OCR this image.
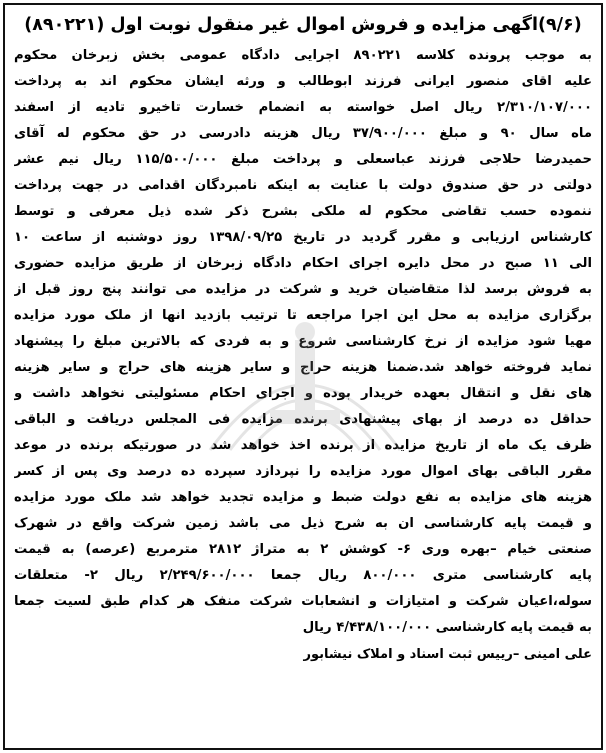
(۹/۶)اگهی مزایده و فروش اموال غیر منقول نوبت اول (۸۹۰۲۲۱)
به موجب پرونده کلاسه ۸۹۰۲۲۱ اجرایی دادگاه عمومی بخش زبرخان محکوم
علیه اقای منصور ایرانی فرزند ابوطالب و ورثه ایشان محکوم اند به پرداخت
۲/۳۱۰/۱۰۷/۰۰۰ ریال اصل خواسته به انضمام خسارت تاخیرو تادیه از اسفند
ماه سال ۹۰ و مبلغ ۳۷/۹۰۰/۰۰۰ ریال هزینه دادرسی در حق محکوم له آقای
حمیدرضا حلاجی فرزند عباسعلی و پرداخت مبلغ ۱۱۵/۵۰۰/۰۰۰ ریال نیم عشر
دولتی در حق صندوق دولت با عنایت به اینکه نامبردگان اقدامی در جهت پرداخت
ننموده حسب تقاضی محکوم له ملکی بشرح ذکر شده ذیل معرفی و توسط
کارشناس ارزیابی و مقرر گردید در تاریخ ۱۳۹۸/۰۹/۲۵ روز دوشنبه از ساعت ۱۰
الی ۱۱ صبح در محل دایره اجرای احکام دادگاه زبرخان از طریق مزایده حضوری
به فروش برسد لذا متقاضیان خرید و شرکت در مزایده می توانند پنج روز قبل از
برگزاری مزایده به محل این اجرا مراجعه تا ترتیب بازدید انها از ملک مورد مزایده
مهیا شود مزایده از نرخ کارشناسی شروع و به فردی که بالاترین مبلغ را پیشنهاد
نماید فروخته خواهد شد.ضمنا هزینه حراج و سایر هزینه های حراج و سایر هزینه
های نقل و انتقال بعهده خریدار بوده و اجرای احکام مسئولیتی نخواهد داشت و
حداقل ده درصد از بهای پیشنهادی برنده مزایده فی المجلس دریافت و الباقی
ظرف یک ماه از تاریخ مزایده از برنده اخذ خواهد شد در صورتیکه برنده در موعد
مقرر الباقی بهای اموال مورد مزایده را نپردازد سپرده ده درصد وی پس از کسر
هزینه های مزایده به نفع دولت ضبط و مزایده تجدید خواهد شد ملک مورد مزایده
و قیمت پایه کارشناسی ان به شرح ذیل می باشد زمین شرکت واقع در شهرک
صنعتی خیام –بهره وری ۶- کوشش ۲ به متراژ ۲۸۱۲ مترمربع (عرصه) به قیمت
پایه کارشناسی متری ۸۰۰/۰۰۰ ریال جمعا ۲/۲۴۹/۶۰۰/۰۰۰ ریال ۲- متعلقات
سوله،اعیان شرکت و امتیازات و انشعابات شرکت منفک هر کدام طبق لسیت جمعا
به قیمت پایه کارشناسی ۴/۴۳۸/۱۰۰/۰۰۰ ریال
علی امینی –رییس ثبت اسناد و املاک نیشابور
